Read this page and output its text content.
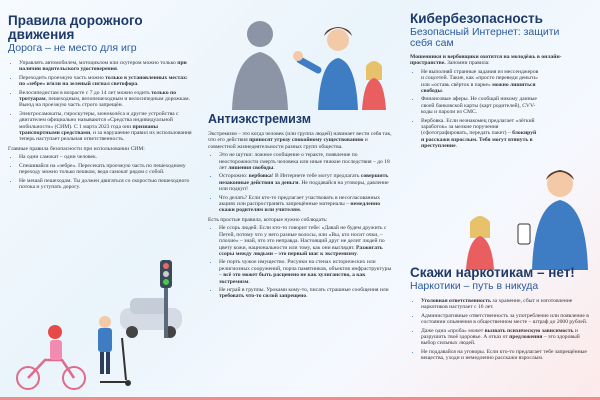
Правила дорожного движения
Дорога – не место для игр
• Управлять автомобилем, мотоциклом или скутером можно только при наличии водительского удостоверения.
• Переходить проезжую часть можно только в установленных местах: по «зебре» и/или на зеленый сигнал светофора.
• Велосипедистам в возрасте с 7 до 14 лет можно ездить только по тротуарам, пешеходным, велопешеходным и велосипедным дорожкам. Выезд на проезжую часть строго запрещён.
• Электросамокаты, гироскутеры, моноколёса и другие устройства с двигателем официально называются «Средства индивидуальной мобильности» (СИМ). С 1 марта 2023 года они признаны транспортными средствами, и за нарушение правил их использования теперь наступает реальная ответственность.
Главные правила безопасности при использовании СИМ:
• На одни самокат – одни человек.
• Спешивайся на «зебре». Пересекать проезжую часть по пешеходному переходу можно только пешком, ведя самокат рядом с собой.
• Не мешай пешеходам. Ты должен двигаться со скоростью пешеходного потока и уступать дорогу.
Антиэкстремизм
Экстремизм – это когда человек (или группа людей) начинает вести себя так, что его действия приносят угрозу спокойному существованию и совместной жизнедеятельности разных групп общества.
• Это не шутки: ложное сообщение о теракте, появление по неосторожности смерть человека или иные тяжкие последствия – до 18 лет лишения свободы.
• Осторожно: вербовка! В Интернете тебе могут предлагать совершить незаконные действия за деньги. Не поддавайся на уговоры, давление или подкуп!
• Что делать? Если кто-то предлагает участвовать в несогласованных акциях или распространять запрещённые материалы – немедленно скажи родителям или учителям.
Есть простые правила, которые нужно соблюдать:
• Не ссорь людей. Если кто-то говорит тебе: «Давай не будем дружить с Петей, потому что у него разные волосы, или «Вы, кто носит очки, – плохие» – знай, что это неправда. Настоящий друг не делит людей по цвету кожи, национальности или тому, как они выглядят. Разжигать ссоры между людьми – это первый шаг к экстремизму.
• Не порть чужое имущество. Рисунки на стенах исторических или религиозных сооружений, порча памятников, объектов инфраструктуры – всё это может быть расценено не как хулиганство, а как экстремизм.
• Не играй в группы. Уроками кому-то, писать страшные сообщения или требовать что-то силой запрещено.
Кибербезопасность
Безопасный Интернет: защити себя сам
Мошенники и вербовщики охотятся на молодёжь в онлайн-пространстве. Запомни правила:
• Не выполняй странные задания из мессенджеров и соцсетей. Такие, как «просто переведи деньги» или «оставь свёрток в парке» можно лишиться свободы.
• Финансовые аферы. Не сообщай никому данные своей банковской карты (карт родителей), CVV-коды и пароли из СМС.
• Вербовка. Если незнакомец предлагает «лёгкий заработок» за мелкие поручения (сфотографировать, передать пакет) – блокируй и расскажи взрослым. Тебя могут втянуть в преступление.
Скажи наркотикам – нет!
Наркотики – путь в никуда
• Уголовная ответственность за хранение, сбыт и изготовление наркотиков наступает с 16 лет.
• Административные ответственность за употребление или появление в состоянии опьянения в общественном месте – штраф до 2000 рублей.
• Даже одна «проба» может вызвать психическую зависимость и разрушить твоё здоровье. А отказ от предложения – это здоровый выбор сильных людей.
• Не поддавайся на уговоры. Если кто-то предлагает тебе запрещённые вещества, уходи и немедленно расскажи взрослым.
